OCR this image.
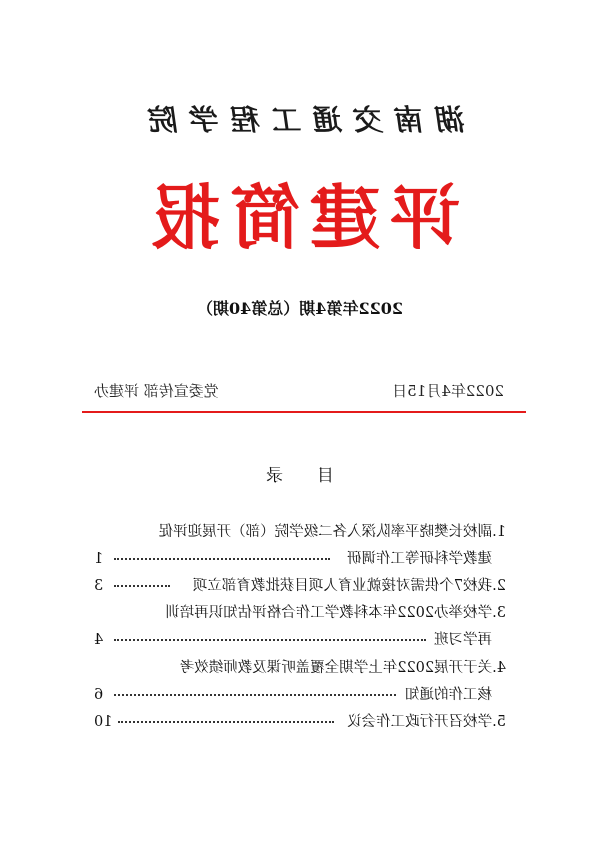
湖南交通工程学院
评建简报
2022年第4期（总第40期）
2022年4月15日
党委宣传部 评建办
目录
1.副校长樊晓平率队深入各二级学院（部）开展迎评促
建教学科研等工作调研
1
2.我校7个供需对接就业育人项目获批教育部立项
3
3.学校举办2022年本科教学工作合格评估知识再培训
再学习班
4
4.关于开展2022年上学期全覆盖听课及教师绩效考
核工作的通知
6
5.学校召开行政工作会议
10
